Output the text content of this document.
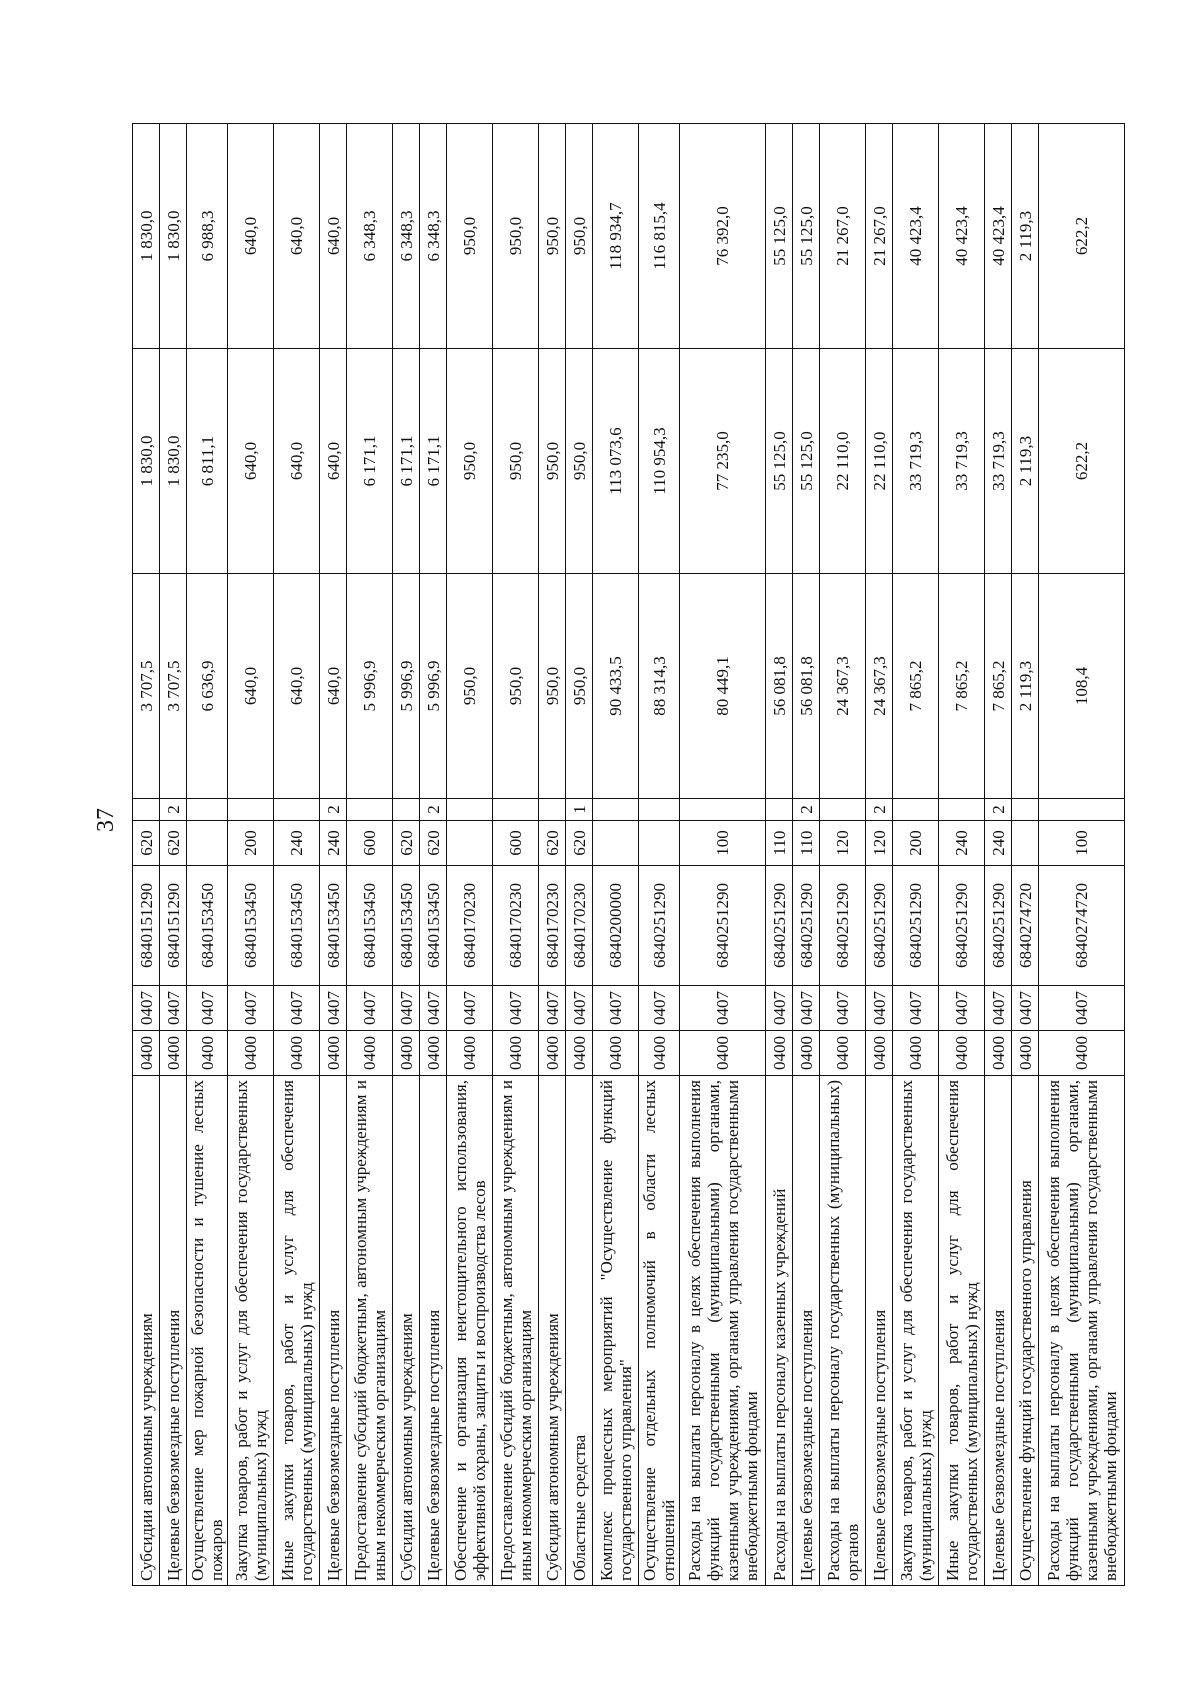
37
Субсидии автономным учреждениям	0400	0407	6840151290	620		3 707,5	1 830,0	1 830,0
Целевые безвозмездные поступления	0400	0407	6840151290	620	2	3 707,5	1 830,0	1 830,0
Осуществление мер пожарной безопасности и тушение лесных пожаров	0400	0407	6840153450			6 636,9	6 811,1	6 988,3
Закупка товаров, работ и услуг для обеспечения государственных (муниципальных) нужд	0400	0407	6840153450	200		640,0	640,0	640,0
Иные закупки товаров, работ и услуг для обеспечения государственных (муниципальных) нужд	0400	0407	6840153450	240		640,0	640,0	640,0
Целевые безвозмездные поступления	0400	0407	6840153450	240	2	640,0	640,0	640,0
Предоставление субсидий бюджетным, автономным учреждениям и иным некоммерческим организациям	0400	0407	6840153450	600		5 996,9	6 171,1	6 348,3
Субсидии автономным учреждениям	0400	0407	6840153450	620		5 996,9	6 171,1	6 348,3
Целевые безвозмездные поступления	0400	0407	6840153450	620	2	5 996,9	6 171,1	6 348,3
Обеспечение и организация неистощительного использования, эффективной охраны, защиты и воспроизводства лесов	0400	0407	6840170230			950,0	950,0	950,0
Предоставление субсидий бюджетным, автономным учреждениям и иным некоммерческим организациям	0400	0407	6840170230	600		950,0	950,0	950,0
Субсидии автономным учреждениям	0400	0407	6840170230	620		950,0	950,0	950,0
Областные средства	0400	0407	6840170230	620	1	950,0	950,0	950,0
Комплекс процессных мероприятий "Осуществление функций государственного управления"	0400	0407	6840200000			90 433,5	113 073,6	118 934,7
Осуществление отдельных полномочий в области лесных отношений	0400	0407	6840251290			88 314,3	110 954,3	116 815,4
Расходы на выплаты персоналу в целях обеспечения выполнения функций государственными (муниципальными) органами, казенными учреждениями, органами управления государственными внебюджетными фондами	0400	0407	6840251290	100		80 449,1	77 235,0	76 392,0
Расходы на выплаты персоналу казенных учреждений	0400	0407	6840251290	110		56 081,8	55 125,0	55 125,0
Целевые безвозмездные поступления	0400	0407	6840251290	110	2	56 081,8	55 125,0	55 125,0
Расходы на выплаты персоналу государственных (муниципальных) органов	0400	0407	6840251290	120		24 367,3	22 110,0	21 267,0
Целевые безвозмездные поступления	0400	0407	6840251290	120	2	24 367,3	22 110,0	21 267,0
Закупка товаров, работ и услуг для обеспечения государственных (муниципальных) нужд	0400	0407	6840251290	200		7 865,2	33 719,3	40 423,4
Иные закупки товаров, работ и услуг для обеспечения государственных (муниципальных) нужд	0400	0407	6840251290	240		7 865,2	33 719,3	40 423,4
Целевые безвозмездные поступления	0400	0407	6840251290	240	2	7 865,2	33 719,3	40 423,4
Осуществление функций государственного управления	0400	0407	6840274720			2 119,3	2 119,3	2 119,3
Расходы на выплаты персоналу в целях обеспечения выполнения функций государственными (муниципальными) органами, казенными учреждениями, органами управления государственными внебюджетными фондами	0400	0407	6840274720	100		108,4	622,2	622,2
